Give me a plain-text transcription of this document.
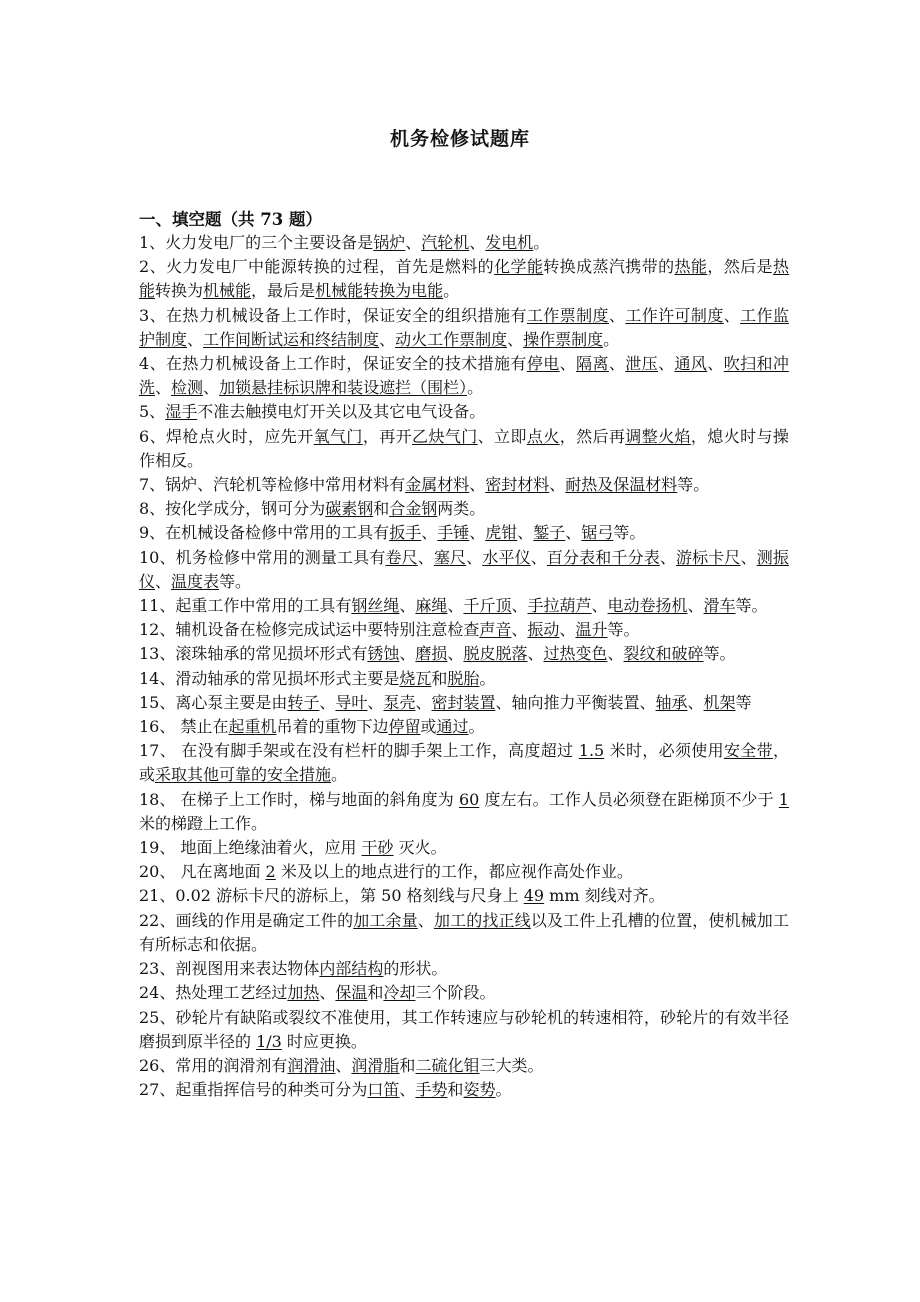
机务检修试题库
一、填空题（共 73 题）

1、火力发电厂的三个主要设备是锅炉、汽轮机、发电机。

2、火力发电厂中能源转换的过程，首先是燃料的化学能转换成蒸汽携带的热能，然后是热能转换为机械能，最后是机械能转换为电能。

3、在热力机械设备上工作时，保证安全的组织措施有工作票制度、工作许可制度、工作监护制度、工作间断试运和终结制度、动火工作票制度、操作票制度。

4、在热力机械设备上工作时，保证安全的技术措施有停电、隔离、泄压、通风、吹扫和冲洗、检测、加锁悬挂标识牌和装设遮拦（围栏）。

5、湿手不准去触摸电灯开关以及其它电气设备。

6、焊枪点火时，应先开氧气门，再开乙炔气门、立即点火，然后再调整火焰，熄火时与操作相反。

7、锅炉、汽轮机等检修中常用材料有金属材料、密封材料、耐热及保温材料等。

8、按化学成分，钢可分为碳素钢和合金钢两类。

9、在机械设备检修中常用的工具有扳手、手锤、虎钳、錾子、锯弓等。

10、机务检修中常用的测量工具有卷尺、塞尺、水平仪、百分表和千分表、游标卡尺、测振仪、温度表等。

11、起重工作中常用的工具有钢丝绳、麻绳、千斤顶、手拉葫芦、电动卷扬机、滑车等。

12、辅机设备在检修完成试运中要特别注意检查声音、振动、温升等。

13、滚珠轴承的常见损坏形式有锈蚀、磨损、脱皮脱落、过热变色、裂纹和破碎等。

14、滑动轴承的常见损坏形式主要是烧瓦和脱胎。

15、离心泵主要是由转子、导叶、泵壳、密封装置、轴向推力平衡装置、轴承、机架等

16、 禁止在起重机吊着的重物下边停留或通过。

17、 在没有脚手架或在没有栏杆的脚手架上工作，高度超过 1.5 米时，必须使用安全带，或采取其他可靠的安全措施。

18、 在梯子上工作时，梯与地面的斜角度为 60 度左右。工作人员必须登在距梯顶不少于 1 米的梯蹬上工作。

19、 地面上绝缘油着火，应用 干砂 灭火。

20、 凡在离地面 2 米及以上的地点进行的工作，都应视作高处作业。

21、0.02 游标卡尺的游标上，第 50 格刻线与尺身上 49 mm 刻线对齐。

22、画线的作用是确定工件的加工余量、加工的找正线以及工件上孔槽的位置，使机械加工有所标志和依据。

23、剖视图用来表达物体内部结构的形状。

24、热处理工艺经过加热、保温和冷却三个阶段。

25、砂轮片有缺陷或裂纹不准使用，其工作转速应与砂轮机的转速相符，砂轮片的有效半径磨损到原半径的 1/3 时应更换。

26、常用的润滑剂有润滑油、润滑脂和二硫化钼三大类。

27、起重指挥信号的种类可分为口笛、手势和姿势。
